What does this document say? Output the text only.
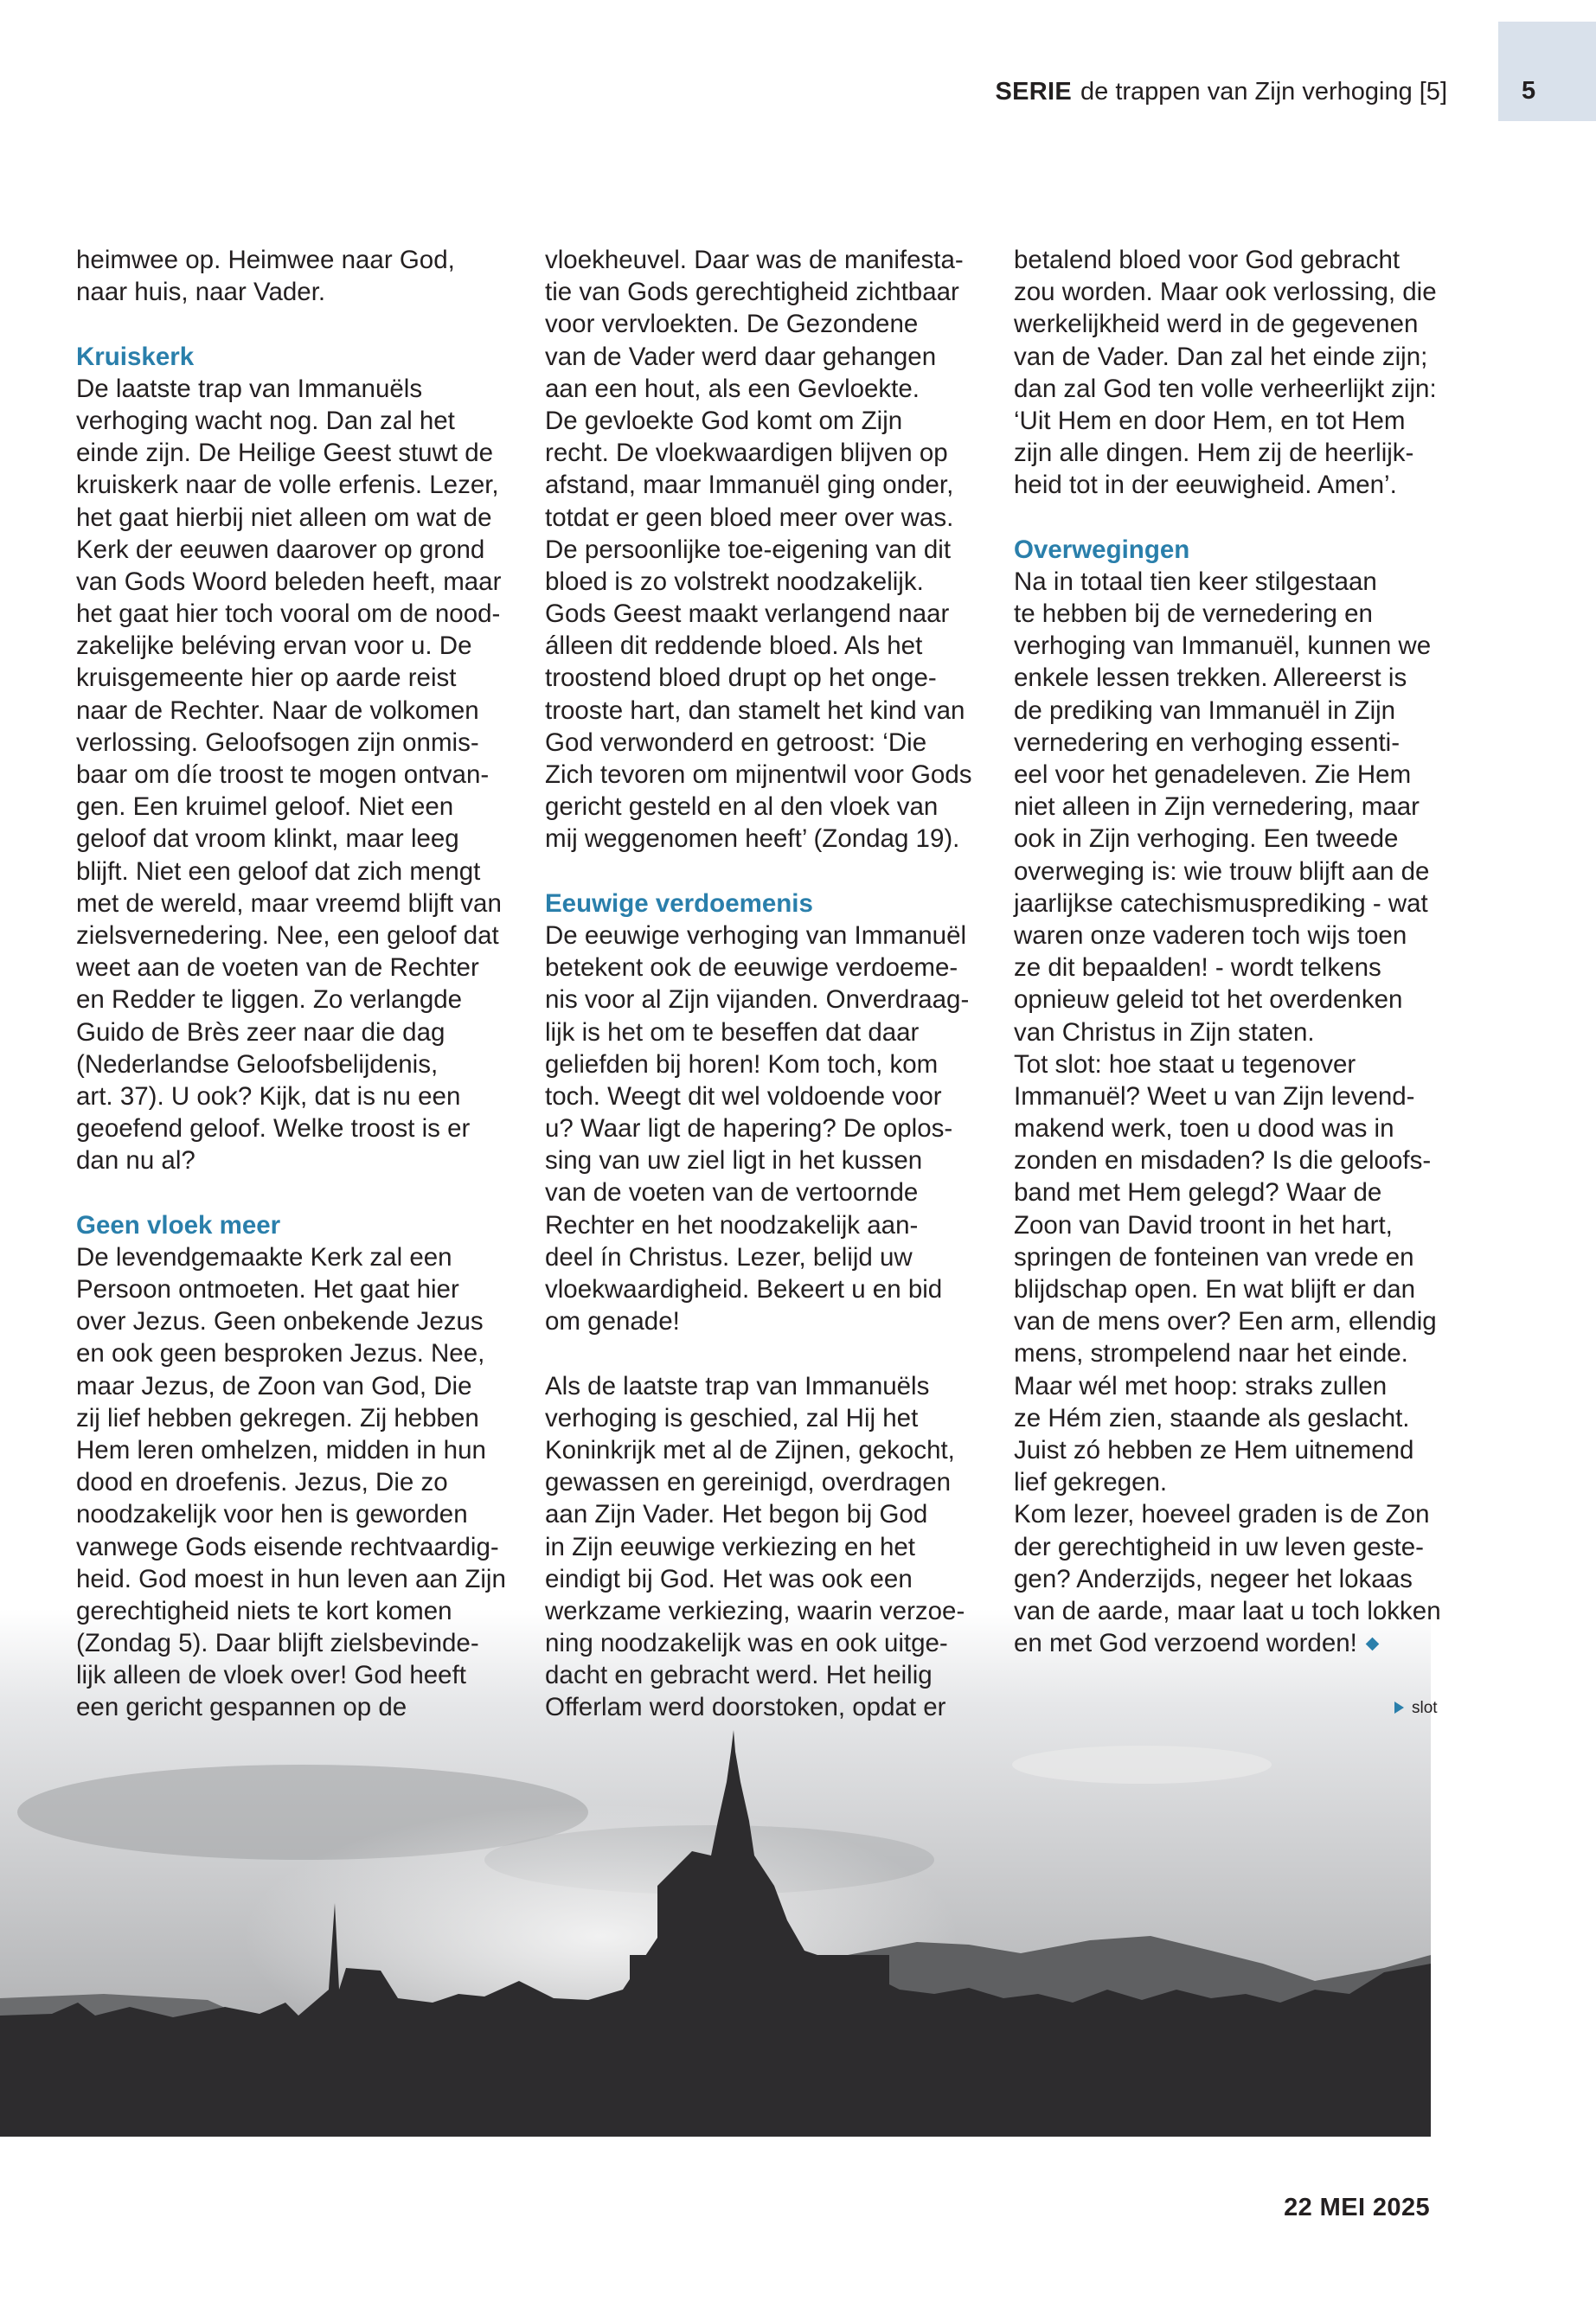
SERIE de trappen van Zijn verhoging [5]	5
heimwee op. Heimwee naar God,
naar huis, naar Vader.
Kruiskerk
De laatste trap van Immanuëls
verhoging wacht nog. Dan zal het
einde zijn. De Heilige Geest stuwt de
kruiskerk naar de volle erfenis. Lezer,
het gaat hierbij niet alleen om wat de
Kerk der eeuwen daarover op grond
van Gods Woord beleden heeft, maar
het gaat hier toch vooral om de nood-
zakelijke beléving ervan voor u. De
kruisgemeente hier op aarde reist
naar de Rechter. Naar de volkomen
verlossing. Geloofsogen zijn onmis-
baar om díe troost te mogen ontvan-
gen. Een kruimel geloof. Niet een
geloof dat vroom klinkt, maar leeg
blijft. Niet een geloof dat zich mengt
met de wereld, maar vreemd blijft van
zielsvernedering. Nee, een geloof dat
weet aan de voeten van de Rechter
en Redder te liggen. Zo verlangde
Guido de Brès zeer naar die dag
(Nederlandse Geloofsbelijdenis,
art. 37). U ook? Kijk, dat is nu een
geoefend geloof. Welke troost is er
dan nu al?
Geen vloek meer
De levendgemaakte Kerk zal een
Persoon ontmoeten. Het gaat hier
over Jezus. Geen onbekende Jezus
en ook geen besproken Jezus. Nee,
maar Jezus, de Zoon van God, Die
zij lief hebben gekregen. Zij hebben
Hem leren omhelzen, midden in hun
dood en droefenis. Jezus, Die zo
noodzakelijk voor hen is geworden
vanwege Gods eisende rechtvaardig-
heid. God moest in hun leven aan Zijn
gerechtigheid niets te kort komen
(Zondag 5). Daar blijft zielsbevinde-
lijk alleen de vloek over! God heeft
een gericht gespannen op de
vloekheuvel. Daar was de manifesta-
tie van Gods gerechtigheid zichtbaar
voor vervloekten. De Gezondene
van de Vader werd daar gehangen
aan een hout, als een Gevloekte.
De gevloekte God komt om Zijn
recht. De vloekwaardigen blijven op
afstand, maar Immanuël ging onder,
totdat er geen bloed meer over was.
De persoonlijke toe-eigening van dit
bloed is zo volstrekt noodzakelijk.
Gods Geest maakt verlangend naar
álleen dit reddende bloed. Als het
troostend bloed drupt op het onge-
trooste hart, dan stamelt het kind van
God verwonderd en getroost: ‘Die
Zich tevoren om mijnentwil voor Gods
gericht gesteld en al den vloek van
mij weggenomen heeft’ (Zondag 19).
Eeuwige verdoemenis
De eeuwige verhoging van Immanuël
betekent ook de eeuwige verdoeme-
nis voor al Zijn vijanden. Onverdraag-
lijk is het om te beseffen dat daar
geliefden bij horen! Kom toch, kom
toch. Weegt dit wel voldoende voor
u? Waar ligt de hapering? De oplos-
sing van uw ziel ligt in het kussen
van de voeten van de vertoornde
Rechter en het noodzakelijk aan-
deel ín Christus. Lezer, belijd uw
vloekwaardigheid. Bekeert u en bid
om genade!
Als de laatste trap van Immanuëls
verhoging is geschied, zal Hij het
Koninkrijk met al de Zijnen, gekocht,
gewassen en gereinigd, overdragen
aan Zijn Vader. Het begon bij God
in Zijn eeuwige verkiezing en het
eindigt bij God. Het was ook een
werkzame verkiezing, waarin verzoe-
ning noodzakelijk was en ook uitge-
dacht en gebracht werd. Het heilig
Offerlam werd doorstoken, opdat er
betalend bloed voor God gebracht
zou worden. Maar ook verlossing, die
werkelijkheid werd in de gegevenen
van de Vader. Dan zal het einde zijn;
dan zal God ten volle verheerlijkt zijn:
‘Uit Hem en door Hem, en tot Hem
zijn alle dingen. Hem zij de heerlijk-
heid tot in der eeuwigheid. Amen’.
Overwegingen
Na in totaal tien keer stilgestaan
te hebben bij de vernedering en
verhoging van Immanuël, kunnen we
enkele lessen trekken. Allereerst is
de prediking van Immanuël in Zijn
vernedering en verhoging essenti-
eel voor het genadeleven. Zie Hem
niet alleen in Zijn vernedering, maar
ook in Zijn verhoging. Een tweede
overweging is: wie trouw blijft aan de
jaarlijkse catechismusprediking - wat
waren onze vaderen toch wijs toen
ze dit bepaalden! - wordt telkens
opnieuw geleid tot het overdenken
van Christus in Zijn staten.
Tot slot: hoe staat u tegenover
Immanuël? Weet u van Zijn levend-
makend werk, toen u dood was in
zonden en misdaden? Is die geloofs-
band met Hem gelegd? Waar de
Zoon van David troont in het hart,
springen de fonteinen van vrede en
blijdschap open. En wat blijft er dan
van de mens over? Een arm, ellendig
mens, strompelend naar het einde.
Maar wél met hoop: straks zullen
ze Hém zien, staande als geslacht.
Juist zó hebben ze Hem uitnemend
lief gekregen.
Kom lezer, hoeveel graden is de Zon
der gerechtigheid in uw leven geste-
gen? Anderzijds, negeer het lokaas
van de aarde, maar laat u toch lokken
en met God verzoend worden!
slot
22 MEI 2025
